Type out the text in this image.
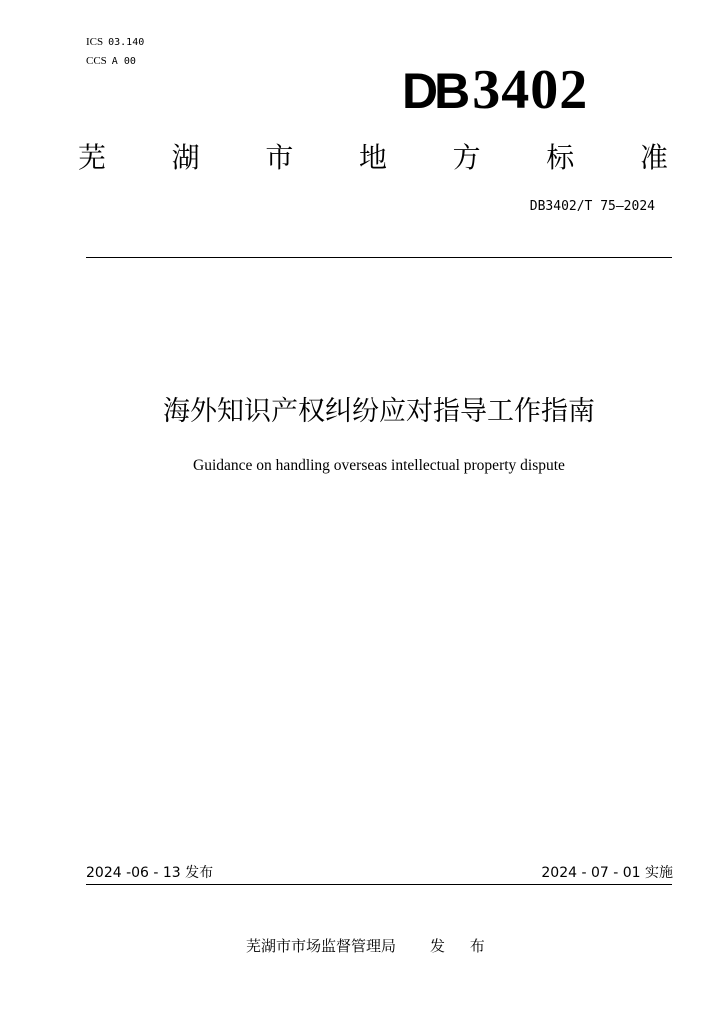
ICS 03.140
CCS A 00
DB 3402
芜 湖 市 地 方 标 准
DB3402/T 75—2024
海外知识产权纠纷应对指导工作指南
Guidance on handling overseas intellectual property dispute
2024 -06 - 13 发布	2024 - 07 - 01 实施
芜湖市市场监督管理局 发 布
